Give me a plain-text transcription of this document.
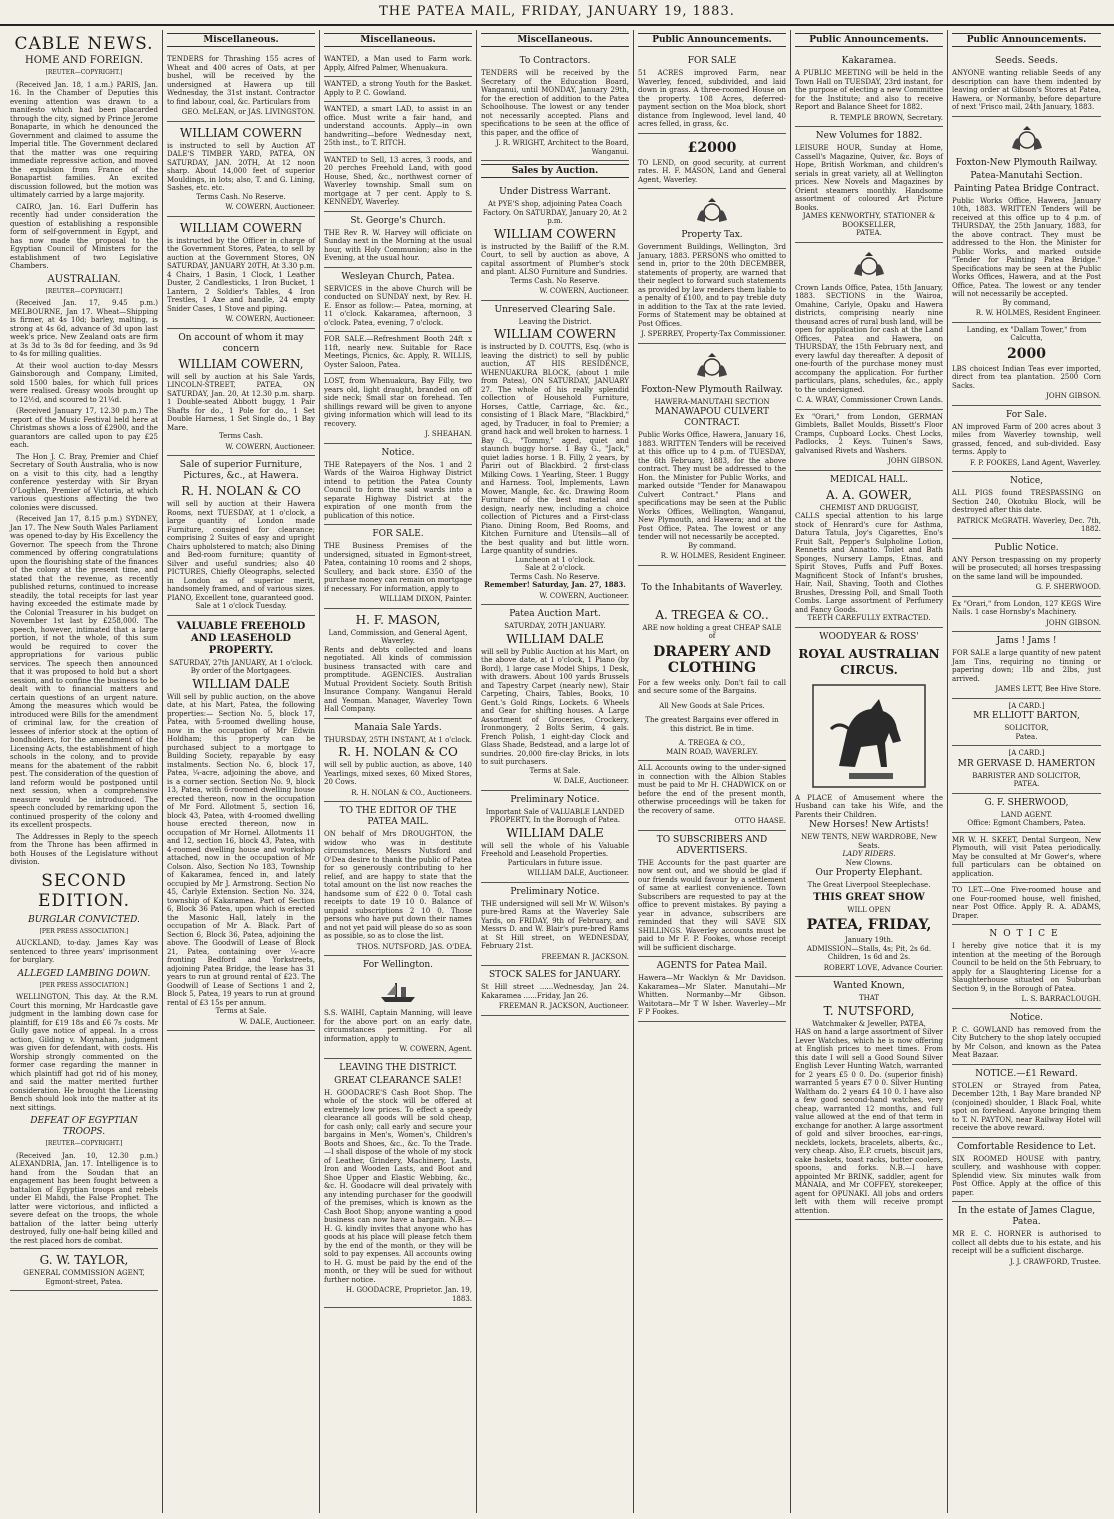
THE PATEA MAIL, FRIDAY, JANUARY 19, 1883.
CABLE NEWS.
HOME AND FOREIGN.
[REUTER—COPYRIGHT.]

(Received Jan. 18, 1 a.m.) PARIS, Jan. 16. In the Chamber of Deputies this evening attention was drawn to a manifesto which had been placarded through the city, signed by Prince Jerome Bonaparte, in which he denounced the Government and claimed to assume the Imperial title. The Government declared that the matter was one requiring immediate repressive action, and moved the expulsion from France of the Bonapartist families. An excited discussion followed, but the motion was ultimately carried by a large majority.

CAIRO, Jan. 16. Earl Dufferin has recently had under consideration the question of establishing a responsible form of self-government in Egypt, and has now made the proposal to the Egyptian Council of Ministers for the establishment of two Legislative Chambers.

AUSTRALIAN.
[REUTER—COPYRIGHT.]

(Received Jan. 17, 9.45 p.m.) MELBOURNE, Jan 17. Wheat—Shipping is firmer, at 4s 10d; barley, malting, is strong at 4s 6d, advance of 3d upon last week's price. New Zealand oats are firm at 3s 3d to 3s 8d for feeding, and 3s 9d to 4s for milling qualities.

At their wool auction to-day Messrs Gainsborough and Company, Limited, sold 1500 bales, for which full prices were realised. Greasy wools brought up to 12½d, and scoured to 21¼d.

(Received January 17, 12.30 p.m.) The report of the Music Festival held here at Christmas shows a loss of £2900, and the guarantors are called upon to pay £25 each.

The Hon J. C. Bray, Premier and Chief Secretary of South Australia, who is now on a visit to this city, had a lengthy conference yesterday with Sir Bryan O'Loghlen, Premier of Victoria, at which various questions affecting the two colonies were discussed.

(Received Jan 17, 8.15 p.m.) SYDNEY, Jan 17. The New South Wales Parliament was opened to-day by His Excellency the Governor. The speech from the Throne commenced by offering congratulations upon the flourishing state of the finances of the colony at the present time, and stated that the revenue, as recently published returns, continued to increase steadily, the total receipts for last year having exceeded the estimate made by the Colonial Treasurer in his budget on November 1st last by £258,000. The speech, however, intimated that a large portion, if not the whole, of this sum would be required to cover the appropriations for various public services. The speech then announced that it was proposed to hold but a short session, and to confine the business to be dealt with to financial matters and certain questions of an urgent nature. Among the measures which would be introduced were Bills for the amendment of criminal law, for the creation of lessees of inferior stock at the option of bondholders, for the amendment of the Licensing Acts, the establishment of high schools in the colony, and to provide means for the abatement of the rabbit pest. The consideration of the question of land reform would be postponed until next session, when a comprehensive measure would be introduced. The speech concluded by remarking upon the continued prosperity of the colony and its excellent prospects.

The Addresses in Reply to the speech from the Throne has been affirmed in both Houses of the Legislature without division.

SECOND EDITION.
BURGLAR CONVICTED.
[PER PRESS ASSOCIATION.]

AUCKLAND, to-day. James Kay was sentenced to three years' imprisonment for burglary.

ALLEGED LAMBING DOWN.
[PER PRESS ASSOCIATION.]

WELLINGTON, This day. At the R.M. Court this morning, Mr Hardcastle gave judgment in the lambing down case for plaintiff, for £19 18s and £6 7s costs. Mr Gully gave notice of appeal. In a cross action, Gilding v. Moynahan, judgment was given for defendant, with costs. His Worship strongly commented on the former case regarding the manner in which plaintiff had got rid of his money, and said the matter merited further consideration. He brought the Licensing Bench should look into the matter at its next sittings.

DEFEAT OF EGYPTIAN TROOPS.
[REUTER—COPYRIGHT.]

(Received Jan. 10, 12.30 p.m.) ALEXANDRIA, Jan. 17. Intelligence is to hand from the Soudan that an engagement has been fought between a battalion of Egyptian troops and rebels under El Mahdi, the False Prophet. The latter were victorious, and inflicted a severe defeat on the troops, the whole battalion of the latter being utterly destroyed, fully one-half being killed and the rest placed hors de combat.

G. W. TAYLOR,
GENERAL COMMISSION AGENT,
Egmont-street, Patea.
Miscellaneous.
TENDERS for Thrashing 155 acres of Wheat and 400 acres of Oats, at per bushel, will be received by the undersigned at Hawera up till Wednesday, the 31st instant. Contractor to find labour, coal, &c. Particulars from
GEO. McLEAN, or JAS. LIVINGSTON.
WILLIAM COWERN
is instructed to sell by Auction AT DALE'S TIMBER YARD, PATEA, ON SATURDAY, JAN. 20TH, At 12 noon sharp. About 14,000 feet of superior Mouldings, in lots; also, T. and G. Lining, Sashes, etc. etc.
Terms Cash. No Reserve.
W. COWERN, Auctioneer.
WILLIAM COWERN
is instructed by the Officer in charge of the Government Stores, Patea, to sell by auction at the Government Stores, ON SATURDAY, JANUARY 20TH, At 3.30 p.m. 4 Chairs, 1 Basin, 1 Clock, 1 Leather Duster, 2 Candlesticks, 1 Iron Bucket, 1 Lantern, 2 Soldier's Tables, 4 Iron Trestles, 1 Axe and handle, 24 empty Snider Cases, 1 Stove and piping.
W. COWERN, Auctioneer.
On account of whom it may concern
WILLIAM COWERN,
will sell by auction at his Sale Yards, LINCOLN-STREET, PATEA, ON SATURDAY, Jan. 20, At 12.30 p.m. sharp. 1 Double-seated Abbott buggy, 1 Pair Shafts for do., 1 Pole for do., 1 Set Double Harness, 1 Set Single do., 1 Bay Mare.
Terms Cash.
W. COWERN, Auctioneer.
Sale of superior Furniture, Pictures, &c., at Hawera.
R. H. NOLAN & CO
will sell by auction at their Hawera Rooms, next TUESDAY, at 1 o'clock, a large quantity of London made Furniture, consigned for clearance; comprising 2 Suites of easy and upright Chairs upholstered to match; also Dining and Bed-room furniture; quantity of Silver and useful sundries; also 40 PICTURES, Chiefly Oleographs, selected in London as of superior merit, handsomely framed, and of various sizes. PIANO, Excellent tone, guaranteed good.
Sale at 1 o'clock Tuesday.
VALUABLE FREEHOLD AND LEASEHOLD PROPERTY.
SATURDAY, 27th JANUARY, At 1 o'clock.
By order of the Mortgagees.
WILLIAM DALE
Will sell by public auction, on the above date, at his Mart, Patea, the following properties:— Section No. 5, block 17, Patea, with 5-roomed dwelling house, now in the occupation of Mr Edwin Holdham; this property can be purchased subject to a mortgage to Building Society, repayable by easy instalments. Section No. 6, block 17, Patea, ¼-acre, adjoining the above, and is a corner section. Section No. 9, block 13, Patea, with 6-roomed dwelling house erected thereon, now in the occupation of Mr Ford. Allotment 5, section 16, block 43, Patea, with 4-roomed dwelling house erected thereon, now in occupation of Mr Hornel. Allotments 11 and 12, section 16, block 43, Patea, with 4-roomed dwelling house and workshop attached, now in the occupation of Mr Colson. Also, Section No 183, Township of Kakaramea, fenced in, and lately occupied by Mr J. Armstrong. Section No 45, Carlyle Extension. Section No. 324, township of Kakaramea. Part of Section 6, Block 36 Patea, upon which is erected the Masonic Hall, lately in the occupation of Mr A. Black. Part of Section 6, Block 36, Patea, adjoining the above. The Goodwill of Lease of Block 21, Patea, containing over ¼-acre fronting Bedford and Yorkstreets, adjoining Patea Bridge, the lease has 31 years to run at ground rental of £23. The Goodwill of Lease of Sections 1 and 2, Block 5, Patea, 19 years to run at ground rental of £3 15s per annum.
Terms at Sale.
W. DALE, Auctioneer.
Miscellaneous.
WANTED, a Man used to Farm work. Apply, Alfred Palmer, Whenuakura.
WANTED, a strong Youth for the Basket. Apply to P. C. Gowland.
WANTED, a smart LAD, to assist in an office. Must write a fair hand, and understand accounts. Apply—in own handwriting—before Wednesday next, 25th inst., to T. RITCH.
WANTED to Sell, 13 acres, 3 roods, and 20 perches Freehold Land, with good House, Shed, &c., northwest corner of Waverley township. Small sum on mortgage at 7 per cent. Apply to S. KENNEDY, Waverley.
St. George's Church.
THE Rev R. W. Harvey will officiate on Sunday next in the Morning at the usual hour, with Holy Communion; also in the Evening, at the usual hour.
Wesleyan Church, Patea.
SERVICES in the above Church will be conducted on SUNDAY next, by Rev. H. E. Ensor as follow:— Patea, morning, at 11 o'clock. Kakaramea, afternoon, 3 o'clock. Patea, evening, 7 o'clock.
FOR SALE.—Refreshment Booth 24ft x 11ft, nearly new. Suitable for Race Meetings, Picnics, &c. Apply, R. WILLIS, Oyster Saloon, Patea.
LOST, from Whenuakura, Bay Filly, two years old, light draught, branded on off side neck; Small star on forehead. Ten shillings reward will be given to anyone giving information which will lead to its recovery.
J. SHEAHAN.
Notice.
THE Ratepayers of the Nos. 1 and 2 Wards of the Wairoa Highway District intend to petition the Patea County Council to form the said wards into a separate Highway District at the expiration of one month from the publication of this notice.
FOR SALE.
THE Business Premises of the undersigned, situated in Egmont-street, Patea, containing 10 rooms and 2 shops, Scullery, and back store. £350 of the purchase money can remain on mortgage if necessary. For information, apply to
WILLIAM DIXON, Painter.
H. F. MASON,
Land, Commission, and General Agent, Waverley.
Rents and debts collected and loans negotiated. All kinds of commission business transacted with care and promptitude. AGENCIES. Australian Mutual Provident Society. South British Insurance Company. Wanganui Herald and Yeoman. Manager, Waverley Town Hall Company.
Manaia Sale Yards.
THURSDAY, 25TH INSTANT, At 1 o'clock.
R. H. NOLAN & CO
will sell by public auction, as above, 140 Yearlings, mixed sexes, 60 Mixed Stores, 20 Cows.
R. H. NOLAN & CO., Auctioneers.
TO THE EDITOR OF THE PATEA MAIL.
ON behalf of Mrs DROUGHTON, the widow who was in destitute circumstances, Messrs Nutsford and O'Dea desire to thank the public of Patea for so generously contributing to her relief, and are happy to state that the total amount on the list now reaches the handsome sum of £22 0 0. Total cash receipts to date 19 10 0. Balance of unpaid subscriptions 2 10 0. Those persons who have put down their names and not yet paid will please do so as soon as possible, so as to close the list.
THOS. NUTSFORD, JAS. O'DEA.
For Wellington.
S.S. WAIHI, Captain Manning, will leave for the above port on an early date, circumstances permitting. For all information, apply to
W. COWERN, Agent.
LEAVING THE DISTRICT.
GREAT CLEARANCE SALE!
H. GOODACRE'S Cash Boot Shop. The whole of the stock will be offered at extremely low prices. To effect a speedy clearance all goods will be sold cheap, for cash only; call early and secure your bargains in Men's, Women's, Children's Boots and Shoes, &c., &c. To the Trade.—I shall dispose of the whole of my stock of Leather, Grindery, Machinery, Lasts, Iron and Wooden Lasts, and Boot and Shoe Upper and Elastic Webbing, &c., &c. H. Goodacre will deal privately with any intending purchaser for the goodwill of the premises, which is known as the Cash Boot Shop; anyone wanting a good business can now have a bargain. N.B.—H. G. kindly invites that anyone who has goods at his place will please fetch them by the end of the month, or they will be sold to pay expenses. All accounts owing to H. G. must be paid by the end of the month, or they will be sued for without further notice.
H. GOODACRE, Proprietor. Jan. 19, 1883.
Miscellaneous.
To Contractors.
TENDERS will be received by the Secretary of the Education Board, Wanganui, until MONDAY, January 29th, for the erection of addition to the Patea Schoolhouse. The lowest or any tender not necessarily accepted. Plans and specifications to be seen at the office of this paper, and the office of
J. R. WRIGHT, Architect to the Board, Wanganui.
Sales by Auction.
Under Distress Warrant.
At PYE'S shop, adjoining Patea Coach Factory. On SATURDAY, January 20, At 2 p.m.
WILLIAM COWERN
is instructed by the Bailiff of the R.M. Court, to sell by auction as above, A capital assortment of Plumber's stock and plant. ALSO Furniture and Sundries.
Terms Cash. No Reserve.
W. COWERN, Auctioneer.
Unreserved Clearing Sale.
Leaving the District.
WILLIAM COWERN
is instructed by D. COUTTS, Esq. (who is leaving the district) to sell by public auction, AT HIS RESIDENCE, WHENUAKURA BLOCK, (about 1 mile from Patea), ON SATURDAY, JANUARY 27. The whole of his really splendid collection of Household Furniture, Horses, Cattle, Carriage, &c. &c., consisting of 1 Black Mare, "Blackbird," aged, by Traducer, in foal to Premier; a grand hack and well broken to harness. 1 Bay G., "Tommy," aged, quiet and staunch buggy horse. 1 Bay G., "Jack," quiet ladies horse. 1 B. Filly, 2 years, by Pariri out of Blackbird. 2 first-class Milking Cows. 1 Yearling, Steer. 1 Buggy and Harness. Tool, Implements, Lawn Mower, Mangle, &c. &c. Drawing Room Furniture of the best material and design, nearly new, including a choice collection of Pictures and a First-class Piano. Dining Room, Bed Rooms, and Kitchen Furniture and Utensils—all of the best quality and but little worn. Large quantity of sundries.
Luncheon at 1 o'clock.
Sale at 2 o'clock.
Terms Cash. No Reserve.
Remember! Saturday, Jan. 27, 1883.
W. COWERN, Auctioneer.
Patea Auction Mart.
SATURDAY, 20TH JANUARY.
WILLIAM DALE
will sell by Public Auction at his Mart, on the above date, at 1 o'clock, 1 Piano (by Bord), 1 large case Model Ships, 1 Desk, with drawers. About 100 yards Brussels and Tapestry Carpet (nearly new), Stair Carpeting, Chairs, Tables, Books, 10 Gent.'s Gold Rings, Lockets. 6 Wheels and Gear for shifting houses. A Large Assortment of Groceries, Crockery, Ironmongery, 2 Bolts Serim, 4 gals. French Polish, 1 eight-day Clock and Glass Shade, Bedstead, and a large lot of sundries. 20,000 fire-clay Bricks, in lots to suit purchasers.
Terms at Sale.
W. DALE, Auctioneer.
Preliminary Notice.
Important Sale of VALUABLE LANDED PROPERTY, In the Borough of Patea.
WILLIAM DALE
will sell the whole of his Valuable Freehold and Leasehold Properties.
Particulars in future issue.
WILLIAM DALE, Auctioneer.
Preliminary Notice.
THE undersigned will sell Mr W. Wilson's pure-bred Rams at the Waverley Sale Yards, on FRIDAY, 9th of February, and Messrs D. and W. Blair's pure-bred Rams at St Hill street, on WEDNESDAY, February 21st.
FREEMAN R. JACKSON.
STOCK SALES for JANUARY.
St Hill street ......Wednesday, Jan 24. Kakaramea ......Friday, Jan 26.
FREEMAN R. JACKSON, Auctioneer.
Public Announcements.
FOR SALE
51 ACRES improved Farm, near Waverley, fenced, subdivided, and laid down in grass. A three-roomed House on the property. 108 Acres, deferred-payment section on the Moa block, short distance from Inglewood, level land, 40 acres felled, in grass, &c.
£2000
TO LEND, on good security, at current rates. H. F. MASON, Land and General Agent, Waverley.
Property Tax.
Government Buildings, Wellington, 3rd January, 1883. PERSONS who omitted to send in, prior to the 20th DECEMBER, statements of property, are warned that their neglect to forward such statements as provided by law renders them liable to a penalty of £100, and to pay treble duty in addition to the Tax at the rate levied. Forms of Statement may be obtained at Post Offices.
J. SPERREY, Property-Tax Commissioner.
Foxton-New Plymouth Railway.
HAWERA-MANUTAHI SECTION
MANAWAPOU CULVERT CONTRACT.
Public Works Office, Hawera, January 16, 1883. WRITTEN Tenders will be received at this office up to 4 p.m. of TUESDAY, the 6th February, 1883, for the above contract. They must be addressed to the Hon. the Minister for Public Works, and marked outside "Tender for Manawapou Culvert Contract." Plans and specifications may be seen at the Public Works Offices, Wellington, Wanganui, New Plymouth, and Hawera; and at the Post Office, Patea. The lowest or any tender will not necessarily be accepted.
By command.
R. W. HOLMES, Resident Engineer.
To the Inhabitants of Waverley.
A. TREGEA & CO..
ARE now holding a great CHEAP SALE of
DRAPERY AND CLOTHING
For a few weeks only. Don't fail to call and secure some of the Bargains.
All New Goods at Sale Prices.
The greatest Bargains ever offered in this district. Be in time.
A. TREGEA & CO.,
MAIN ROAD, WAVERLEY.
ALL Accounts owing to the under-signed in connection with the Albion Stables must be paid to Mr H. CHADWICK on or before the end of the present month, otherwise proceedings will be taken for the recovery of same.
OTTO HAASE.
TO SUBSCRIBERS AND ADVERTISERS.
THE Accounts for the past quarter are now sent out, and we should be glad if our friends would favour by a settlement of same at earliest convenience. Town Subscribers are requested to pay at the office to prevent mistakes. By paying a year in advance, subscribers are reminded that they will SAVE SIX SHILLINGS. Waverley accounts must be paid to Mr F. P. Fookes, whose receipt will be sufficient discharge.
AGENTS for Patea Mail.
Hawera—Mr Wacklyn & Mr Davidson. Kakaramea—Mr Slater. Manutahi—Mr Whitten. Normanby—Mr Gibson. Waitotara—Mr T W Isher. Waverley—Mr F P Fookes.
Public Announcements.
Kakaramea.
A PUBLIC MEETING will be held in the Town Hall on TUESDAY, 23rd instant, for the purpose of electing a new Committee for the Institute; and also to receive Report and Balance Sheet for 1882.
R. TEMPLE BROWN, Secretary.
New Volumes for 1882.
LEISURE HOUR, Sunday at Home, Cassell's Magazine, Quiver, &c. Boys of Hope, British Workman, and children's serials in great variety, all at Wellington prices. New Novels and Magazines by Orient steamers monthly. Handsome assortment of coloured Art Picture Books.
JAMES KENWORTHY, STATIONER & BOOKSELLER,
PATEA.
Crown Lands Office, Patea, 15th January, 1883. SECTIONS in the Wairoa, Omahine, Carlyle, Opaku and Hawera districts, comprising nearly nine thousand acres of rural bush land, will be open for application for cash at the Land Offices, Patea and Hawera, on THURSDAY, the 15th February next, and every lawful day thereafter. A deposit of one-fourth of the purchase money must accompany the application. For further particulars, plans, schedules, &c., apply to the undersigned.
C. A. WRAY, Commissioner Crown Lands.
Ex "Orari," from London, GERMAN Gimblets, Ballet Moulds, Bissett's Floor Cramps, Cupboard Locks. Chest Locks, Padlocks, 2 Keys. Tuinen's Saws, galvanised Rivets and Washers.
JOHN GIBSON.
MEDICAL HALL.
A. A. GOWER,
CHEMIST AND DRUGGIST,
CALLS special attention to his large stock of Henrard's cure for Asthma, Datura Tatula, Joy's Cigarettes, Eno's Fruit Salt, Pepper's Sulpholine Lotion, Rennetts and Annatto. Toilet and Bath Sponges, Nursery Lamps, Etnas, and Spirit Stoves, Puffs and Puff Boxes. Magnificent Stock of Infant's brushes, Hair, Nail, Shaving, Tooth and Clothes Brushes, Dressing Poll, and Small Tooth Combs. Large assortment of Perfumery and Fancy Goods.
TEETH CAREFULLY EXTRACTED.
WOODYEAR & ROSS'
ROYAL AUSTRALIAN CIRCUS.
A PLACE of Amusement where the Husband can take his Wife, and the Parents their Children.
New Horses! New Artists!
NEW TENTS, NEW WARDROBE, New Seats.
LADY RIDERS.
New Clowns.
Our Property Elephant.
The Great Liverpool Steeplechase.
THIS GREAT SHOW
WILL OPEN
PATEA, FRIDAY,
January 19th.
ADMISSION—Stalls, 4s; Pit, 2s 6d. Children, 1s 6d and 2s.
ROBERT LOVE, Advance Courier.
Wanted Known,
THAT
T. NUTSFORD,
Watchmaker & Jeweller, PATEA,
HAS on hand a large assortment of Silver Lever Watches, which he is now offering at English prices to meet times. From this date I will sell a Good Sound Silver English Lever Hunting Watch, warranted for 2 years £5 0 0. Do. (superior finish) warranted 5 years £7 0 0. Silver Hunting Waltham do. 2 years £4 10 0. I have also a few good second-hand watches, very cheap, warranted 12 months, and full value allowed at the end of that term in exchange for another. A large assortment of gold and silver brooches, ear-rings, necklets, lockets, bracelets, alberts, &c., very cheap. Also, E.P. cruets, biscuit jars, cake baskets, toast racks, butter coolers, spoons, and forks. N.B.—I have appointed Mr BRINK, saddler, agent for MANAIA, and Mr COFFEY, storekeeper, agent for OPUNAKI. All jobs and orders left with them will receive prompt attention.
Public Announcements.
Seeds. Seeds.
ANYONE wanting reliable Seeds of any description can have them indented by leaving order at Gibson's Stores at Patea, Hawera, or Normanby, before departure of next 'Frisco mail, 24th January, 1883.
Foxton-New Plymouth Railway.
Patea-Manutahi Section.
Painting Patea Bridge Contract.
Public Works Office, Hawera, January 10th, 1883. WRITTEN Tenders will be received at this office up to 4 p.m. of THURSDAY, the 25th January, 1883, for the above contract. They must be addressed to the Hon. the Minister for Public Works, and marked outside "Tender for Painting Patea Bridge." Specifications may be seen at the Public Works Offices, Hawera, and at the Post Office, Patea. The lowest or any tender will not necessarily be accepted.
By command,
R. W. HOLMES, Resident Engineer.
Landing, ex "Dallam Tower," from Calcutta,
2000
LBS choicest Indian Teas ever imported, direct from tea plantation. 2500 Corn Sacks.
JOHN GIBSON.
For Sale.
AN improved Farm of 200 acres about 3 miles from Waverley township, well grassed, fenced, and sub-divided. Easy terms. Apply to
F. P. FOOKES, Land Agent, Waverley.
Notice,
ALL PIGS found TRESPASSING on Section 240, Okotuku Block, will be destroyed after this date.
PATRICK McGRATH. Waverley, Dec. 7th, 1882.
Public Notice.
ANY Person trespassing on my property will be prosecuted; all horses trespassing on the same land will be impounded.
G. F. SHERWOOD.
Ex "Orari," from London, 127 KEGS Wire Nails. 1 case Hornsby's Machinery.
JOHN GIBSON.
Jams ! Jams !
FOR SALE a large quantity of new patent Jam Tins, requiring no tinning or papering down; 1lb and 2lbs, just arrived.
JAMES LETT, Bee Hive Store.
[A CARD.]
MR ELLIOTT BARTON,
SOLICITOR,
Patea.
[A CARD.]
MR GERVASE D. HAMERTON
BARRISTER AND SOLICITOR,
PATEA.
G. F. SHERWOOD,
LAND AGENT.
Office: Egmont Chambers, Patea.
MR W. H. SKEET, Dental Surgeon, New Plymouth, will visit Patea periodically. May be consulted at Mr Gower's, where full particulars can be obtained on application.
TO LET.—One Five-roomed house and one Four-roomed house, well finished, near Post Office. Apply R. A. ADAMS, Draper.
NOTICE
I hereby give notice that it is my intention at the meeting of the Borough Council to be held on the 5th February, to apply for a Slaughtering License for a Slaughterhouse situated on Suburban Section 9, in the Borough of Patea.
L. S. BARRACLOUGH.
Notice.
P. C. GOWLAND has removed from the City Butchery to the shop lately occupied by Mr Colson, and known as the Patea Meat Bazaar.
NOTICE.—£1 Reward.
STOLEN or Strayed from Patea, December 12th, 1 Bay Mare branded NP (conjoined) shoulder, 1 Black Foal, white spot on forehead. Anyone bringing them to T. N. PAYTON, near Railway Hotel will receive the above reward.
Comfortable Residence to Let.
SIX ROOMED HOUSE with pantry, scullery, and washhouse with copper. Splendid view. Six minutes walk from Post Office. Apply at the office of this paper.
In the estate of James Clague, Patea.
MR E. C. HORNER is authorised to collect all debts due to his estate, and his receipt will be a sufficient discharge.
J. J. CRAWFORD, Trustee.
